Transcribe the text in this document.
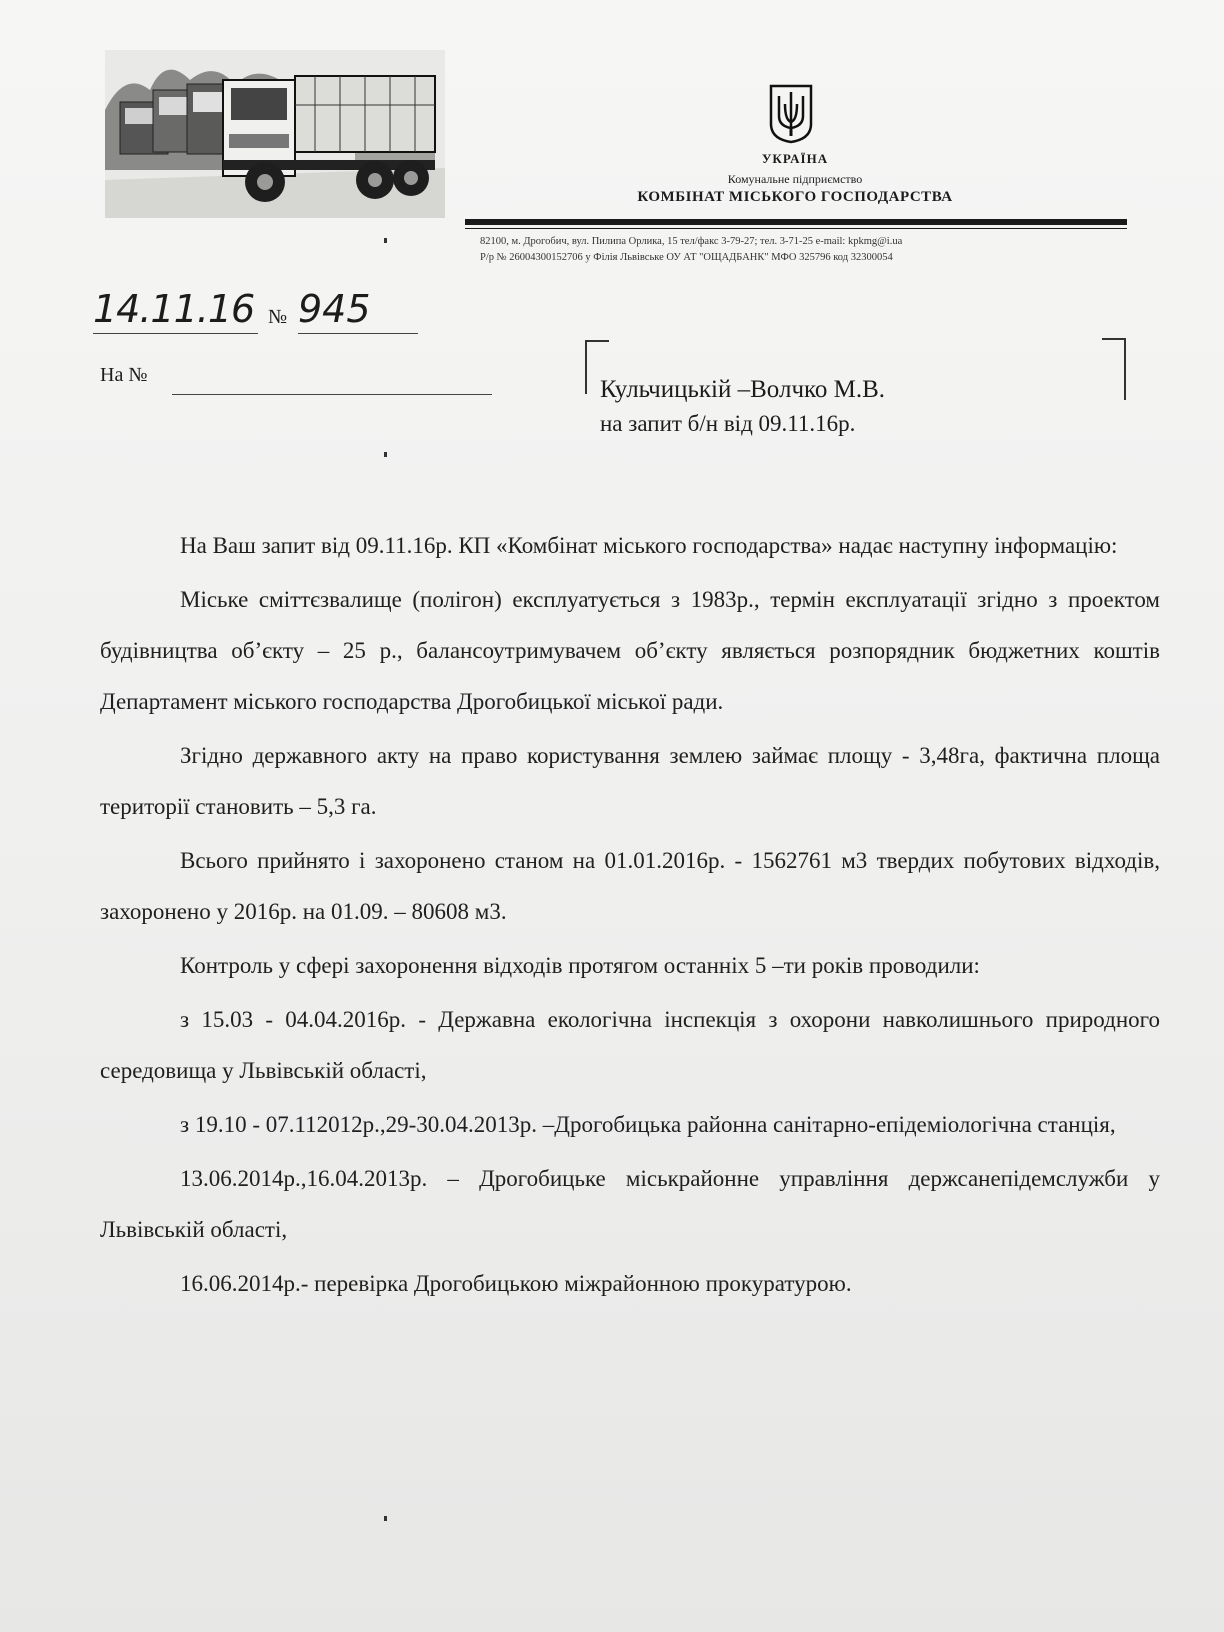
УКРАЇНА
Комунальне підприємство
КОМБІНАТ МІСЬКОГО ГОСПОДАРСТВА
82100, м. Дрогобич, вул. Пилипа Орлика, 15 тел/факс 3-79-27; тел. 3-71-25 e-mail: kpkmg@i.ua
Р/р № 26004300152706 у Філія Львівське ОУ АТ "ОЩАДБАНК" МФО 325796 код 32300054
14.11.16 № 945
На №
Кульчицькій –Волчко М.В.
на запит б/н від 09.11.16р.

На Ваш запит від 09.11.16р. КП «Комбінат міського господарства» надає наступну інформацію:

Міське сміттєзвалище (полігон) експлуатується з 1983р., термін експлуатації згідно з проектом будівництва об’єкту – 25 р., балансоутримувачем об’єкту являється розпорядник бюджетних коштів Департамент міського господарства Дрогобицької міської ради.

Згідно державного акту на право користування землею займає площу - 3,48га, фактична площа території становить – 5,3 га.

Всього прийнято і захоронено станом на 01.01.2016р. - 1562761 м3 твердих побутових відходів, захоронено у 2016р. на 01.09. – 80608 м3.

Контроль у сфері захоронення відходів протягом останніх 5 –ти років проводили:

з 15.03 - 04.04.2016р. - Державна екологічна інспекція з охорони навколишнього природного середовища у Львівській області,

з 19.10 - 07.112012р.,29-30.04.2013р. –Дрогобицька районна санітарно-епідеміологічна станція,

13.06.2014р.,16.04.2013р. – Дрогобицьке міськрайонне управління держсанепідемслужби у Львівській області,

16.06.2014р.- перевірка Дрогобицькою міжрайонною прокуратурою.
